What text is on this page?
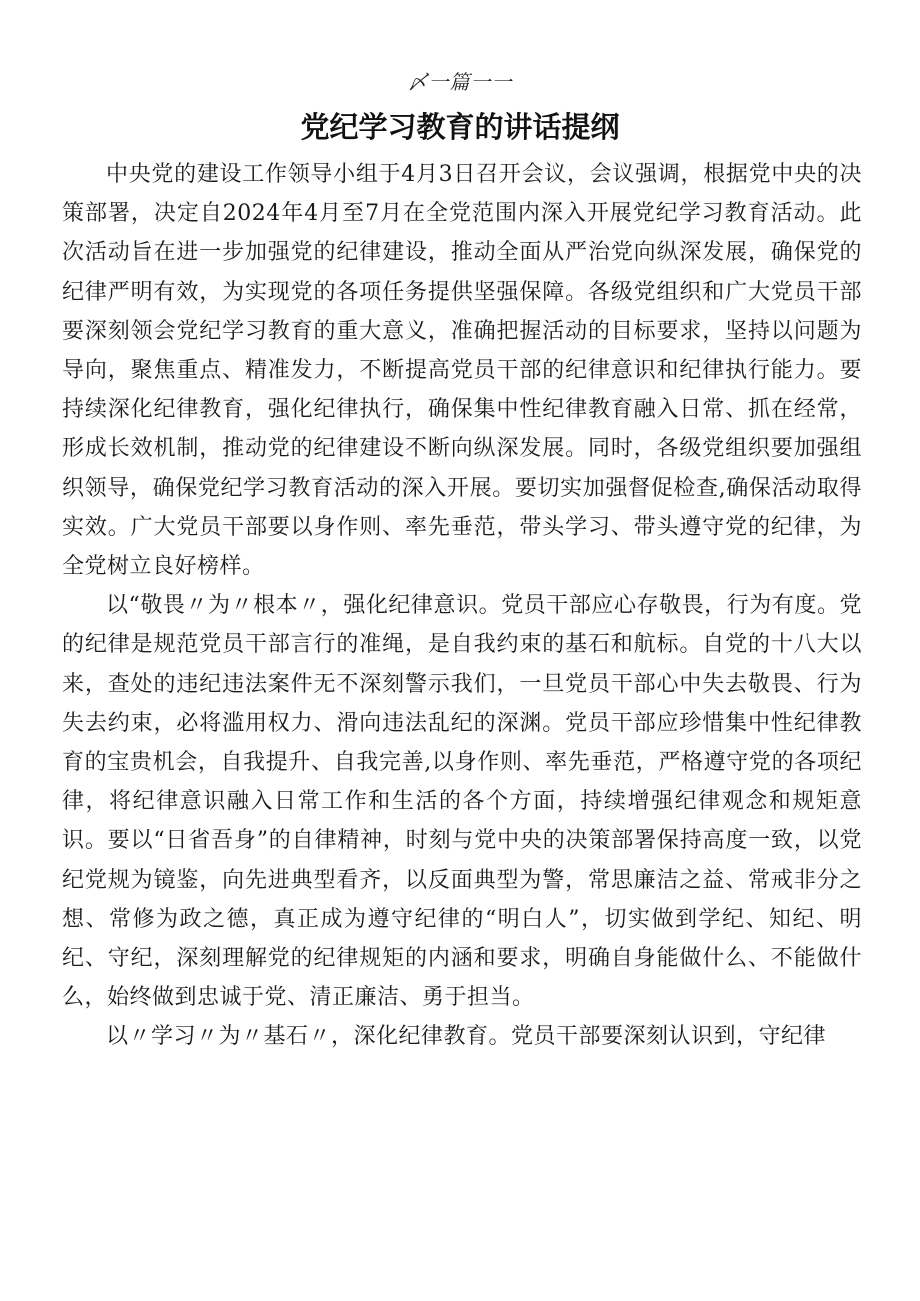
〆一篇一一
党纪学习教育的讲话提纲

中央党的建设工作领导小组于4月3日召开会议，会议强调，根据党中央的决策部署，决定自2024年4月至7月在全党范围内深入开展党纪学习教育活动。此次活动旨在进一步加强党的纪律建设，推动全面从严治党向纵深发展，确保党的纪律严明有效，为实现党的各项任务提供坚强保障。各级党组织和广大党员干部要深刻领会党纪学习教育的重大意义，准确把握活动的目标要求，坚持以问题为导向，聚焦重点、精准发力，不断提高党员干部的纪律意识和纪律执行能力。要持续深化纪律教育，强化纪律执行，确保集中性纪律教育融入日常、抓在经常，形成长效机制，推动党的纪律建设不断向纵深发展。同时，各级党组织要加强组织领导，确保党纪学习教育活动的深入开展。要切实加强督促检查,确保活动取得实效。广大党员干部要以身作则、率先垂范，带头学习、带头遵守党的纪律，为全党树立良好榜样。

以“敬畏〃为〃根本〃，强化纪律意识。党员干部应心存敬畏，行为有度。党的纪律是规范党员干部言行的准绳，是自我约束的基石和航标。自党的十八大以来，查处的违纪违法案件无不深刻警示我们，一旦党员干部心中失去敬畏、行为失去约束，必将滥用权力、滑向违法乱纪的深渊。党员干部应珍惜集中性纪律教育的宝贵机会，自我提升、自我完善,以身作则、率先垂范，严格遵守党的各项纪律，将纪律意识融入日常工作和生活的各个方面，持续增强纪律观念和规矩意识。要以“日省吾身”的自律精神，时刻与党中央的决策部署保持高度一致，以党纪党规为镜鉴，向先进典型看齐，以反面典型为警，常思廉洁之益、常戒非分之想、常修为政之德，真正成为遵守纪律的“明白人”，切实做到学纪、知纪、明纪、守纪，深刻理解党的纪律规矩的内涵和要求，明确自身能做什么、不能做什么，始终做到忠诚于党、清正廉洁、勇于担当。

以〃学习〃为〃基石〃，深化纪律教育。党员干部要深刻认识到，守纪律
